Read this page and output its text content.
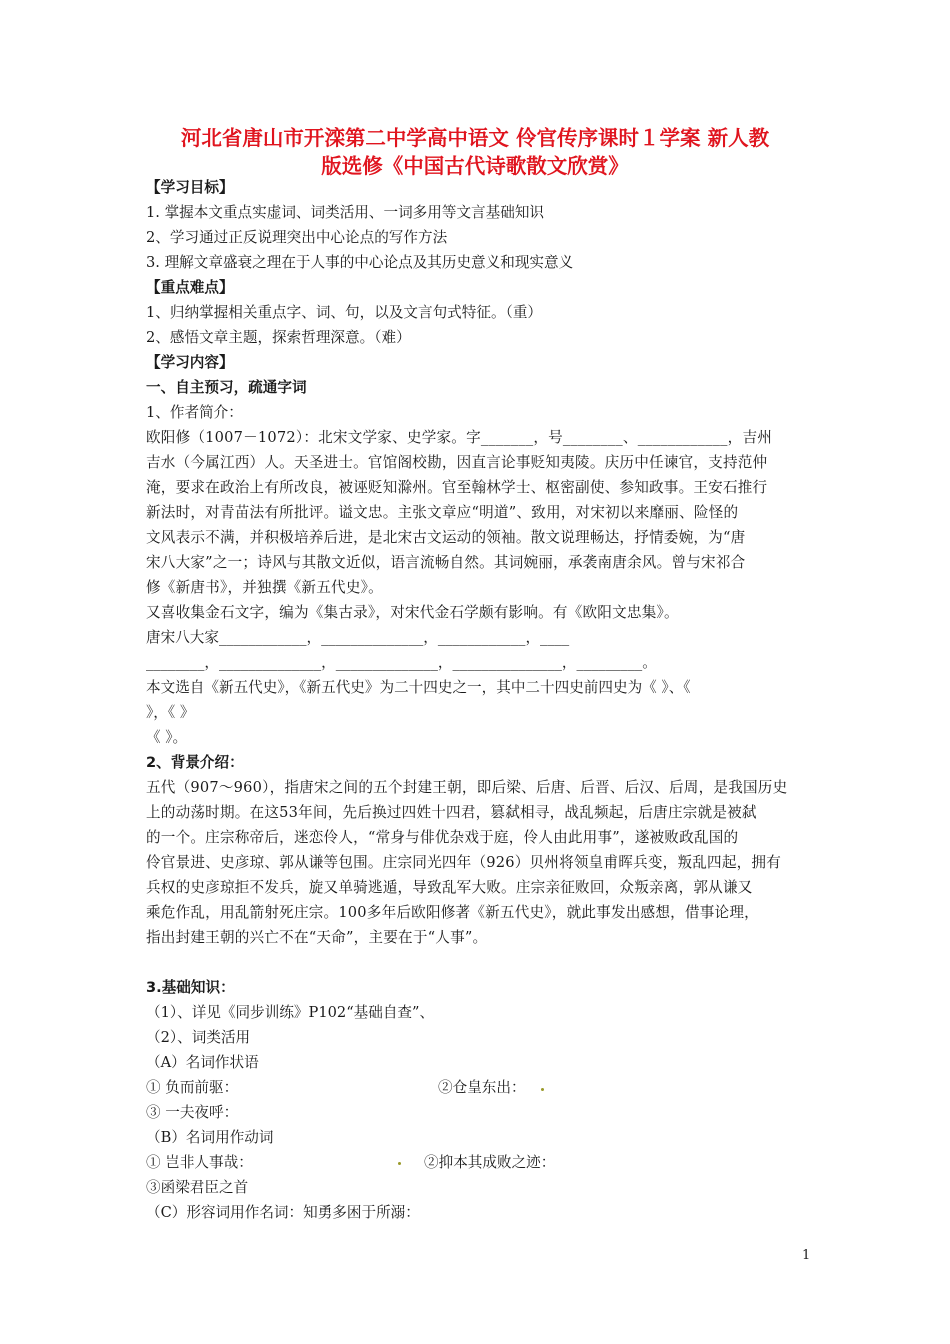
河北省唐山市开滦第二中学高中语文 伶官传序课时１学案 新人教
版选修《中国古代诗歌散文欣赏》
【学习目标】
1. 掌握本文重点实虚词、词类活用、一词多用等文言基础知识
2、学习通过正反说理突出中心论点的写作方法
3. 理解文章盛衰之理在于人事的中心论点及其历史意义和现实意义
【重点难点】
1、归纳掌握相关重点字、词、句，以及文言句式特征。（重）
2、感悟文章主题，探索哲理深意。（难）
【学习内容】
一、自主预习，疏通字词
1、作者简介：
欧阳修（1007－1072）：北宋文学家、史学家。字_______，号________、____________，吉州
吉水（今属江西）人。天圣进士。官馆阁校勘，因直言论事贬知夷陵。庆历中任谏官，支持范仲
淹，要求在政治上有所改良，被诬贬知滁州。官至翰林学士、枢密副使、参知政事。王安石推行
新法时，对青苗法有所批评。谥文忠。主张文章应“明道”、致用，对宋初以来靡丽、险怪的
文风表示不满，并积极培养后进，是北宋古文运动的领袖。散文说理畅达，抒情委婉，为“唐
宋八大家”之一；诗风与其散文近似，语言流畅自然。其词婉丽，承袭南唐余风。曾与宋祁合
修《新唐书》，并独撰《新五代史》。
又喜收集金石文字，编为《集古录》，对宋代金石学颇有影响。有《欧阳文忠集》。
唐宋八大家____________，______________，____________，____
________，______________，______________，_______________，_________。
本文选自《新五代史》，《新五代史》为二十四史之一，其中二十四史前四史为《 》、《
》，《 》
《 》。
2、背景介绍：
五代（907～960），指唐宋之间的五个封建王朝，即后梁、后唐、后晋、后汉、后周，是我国历史
上的动荡时期。在这53年间，先后换过四姓十四君，篡弑相寻，战乱频起，后唐庄宗就是被弑
的一个。庄宗称帝后，迷恋伶人，“常身与俳优杂戏于庭，伶人由此用事”，遂被败政乱国的
伶官景进、史彦琼、郭从谦等包围。庄宗同光四年（926）贝州将领皇甫晖兵变，叛乱四起，拥有
兵权的史彦琼拒不发兵，旋又单骑逃遁，导致乱军大败。庄宗亲征败回，众叛亲离，郭从谦又
乘危作乱，用乱箭射死庄宗。100多年后欧阳修著《新五代史》，就此事发出感想，借事论理，
指出封建王朝的兴亡不在“天命”，主要在于“人事”。
3.基础知识：
（1）、详见《同步训练》P102“基础自查”、
（2）、词类活用
（A）名词作状语
① 负而前驱：	②仓皇东出：
③ 一夫夜呼：
（B）名词用作动词
① 岂非人事哉：	②抑本其成败之迹：
③函梁君臣之首
（C）形容词用作名词：知勇多困于所溺：
1
